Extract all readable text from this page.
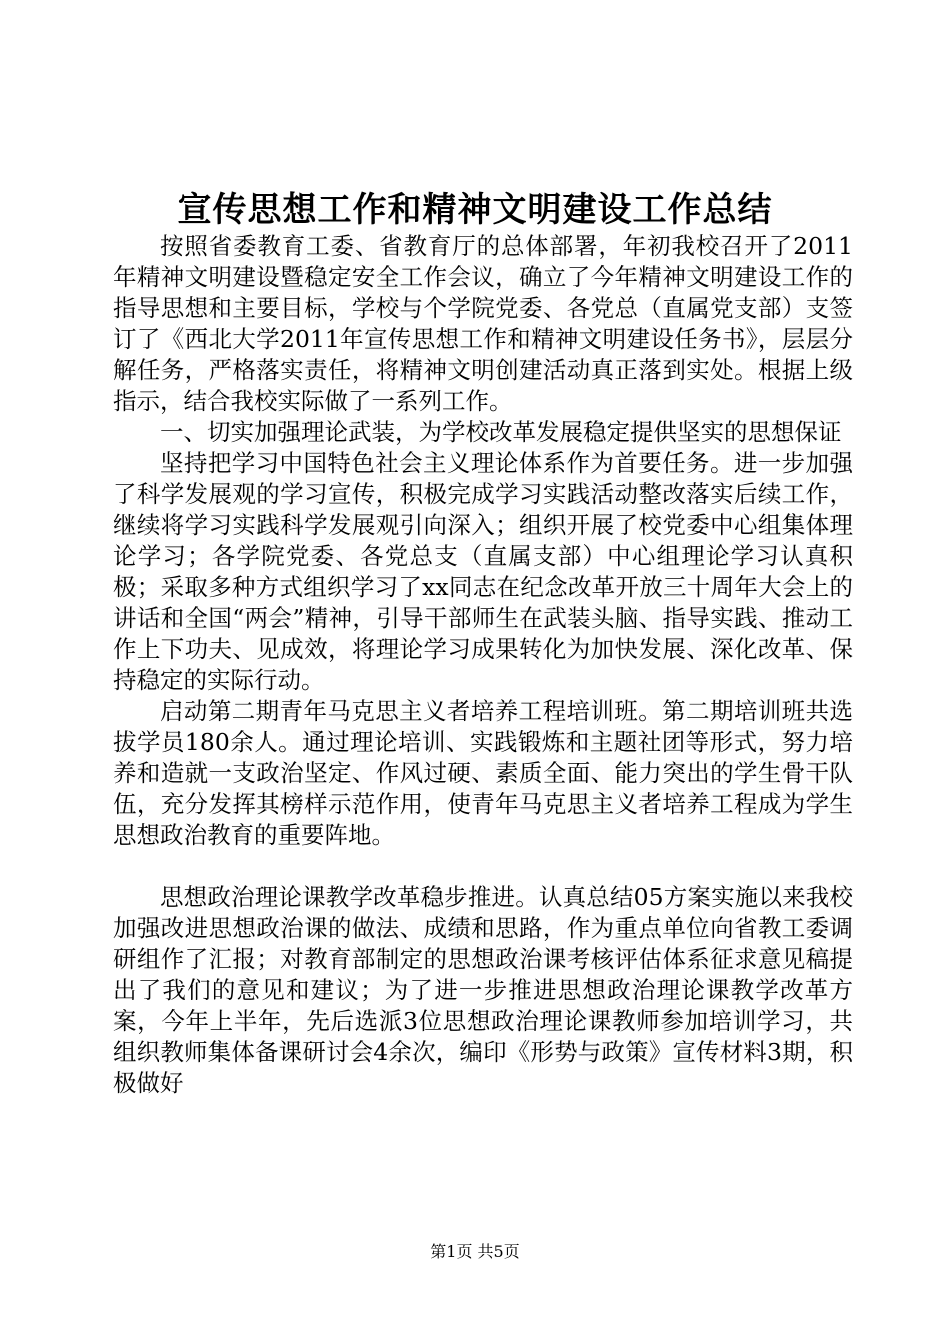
宣传思想工作和精神文明建设工作总结

按照省委教育工委、省教育厅的总体部署，年初我校召开了2011年精神文明建设暨稳定安全工作会议，确立了今年精神文明建设工作的指导思想和主要目标，学校与个学院党委、各党总（直属党支部）支签订了《西北大学2011年宣传思想工作和精神文明建设任务书》，层层分解任务，严格落实责任，将精神文明创建活动真正落到实处。根据上级指示，结合我校实际做了一系列工作。

一、切实加强理论武装，为学校改革发展稳定提供坚实的思想保证

坚持把学习中国特色社会主义理论体系作为首要任务。进一步加强了科学发展观的学习宣传，积极完成学习实践活动整改落实后续工作，继续将学习实践科学发展观引向深入；组织开展了校党委中心组集体理论学习；各学院党委、各党总支（直属支部）中心组理论学习认真积极；采取多种方式组织学习了xx同志在纪念改革开放三十周年大会上的讲话和全国“两会”精神，引导干部师生在武装头脑、指导实践、推动工作上下功夫、见成效，将理论学习成果转化为加快发展、深化改革、保持稳定的实际行动。

启动第二期青年马克思主义者培养工程培训班。第二期培训班共选拔学员180余人。通过理论培训、实践锻炼和主题社团等形式，努力培养和造就一支政治坚定、作风过硬、素质全面、能力突出的学生骨干队伍，充分发挥其榜样示范作用，使青年马克思主义者培养工程成为学生思想政治教育的重要阵地。

思想政治理论课教学改革稳步推进。认真总结05方案实施以来我校加强改进思想政治课的做法、成绩和思路，作为重点单位向省教工委调研组作了汇报；对教育部制定的思想政治课考核评估体系征求意见稿提出了我们的意见和建议；为了进一步推进思想政治理论课教学改革方案，今年上半年，先后选派3位思想政治理论课教师参加培训学习，共组织教师集体备课研讨会4余次，编印《形势与政策》宣传材料3期，积极做好

第1页 共5页
